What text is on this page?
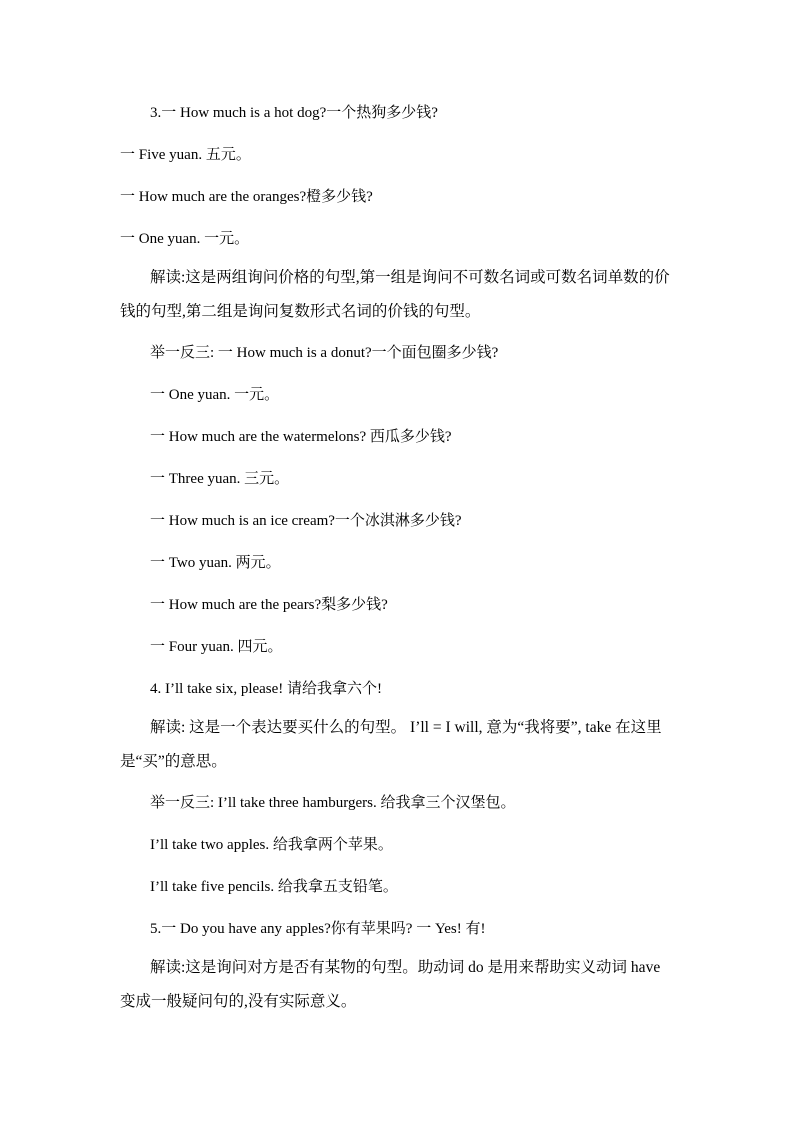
3.一 How much is a hot dog?一个热狗多少钱?
一 Five yuan. 五元。
一 How much are the oranges?橙多少钱?
一 One yuan. 一元。
解读:这是两组询问价格的句型,第一组是询问不可数名词或可数名词单数的价钱的句型,第二组是询问复数形式名词的价钱的句型。
举一反三: 一 How much is a donut?一个面包圈多少钱?
一 One yuan. 一元。
一 How much are the watermelons? 西瓜多少钱?
一 Three yuan. 三元。
一 How much is an ice cream?一个冰淇淋多少钱?
一 Two yuan. 两元。
一 How much are the pears?梨多少钱?
一 Four yuan. 四元。
4. I’ll take six, please! 请给我拿六个!
解读: 这是一个表达要买什么的句型。 I’ll = I will, 意为“我将要”, take 在这里是“买”的意思。
举一反三: I’ll take three hamburgers. 给我拿三个汉堡包。
I’ll take two apples. 给我拿两个苹果。
I’ll take five pencils. 给我拿五支铅笔。
5.一 Do you have any apples?你有苹果吗? 一 Yes! 有!
解读:这是询问对方是否有某物的句型。助动词 do 是用来帮助实义动词 have 变成一般疑问句的,没有实际意义。
